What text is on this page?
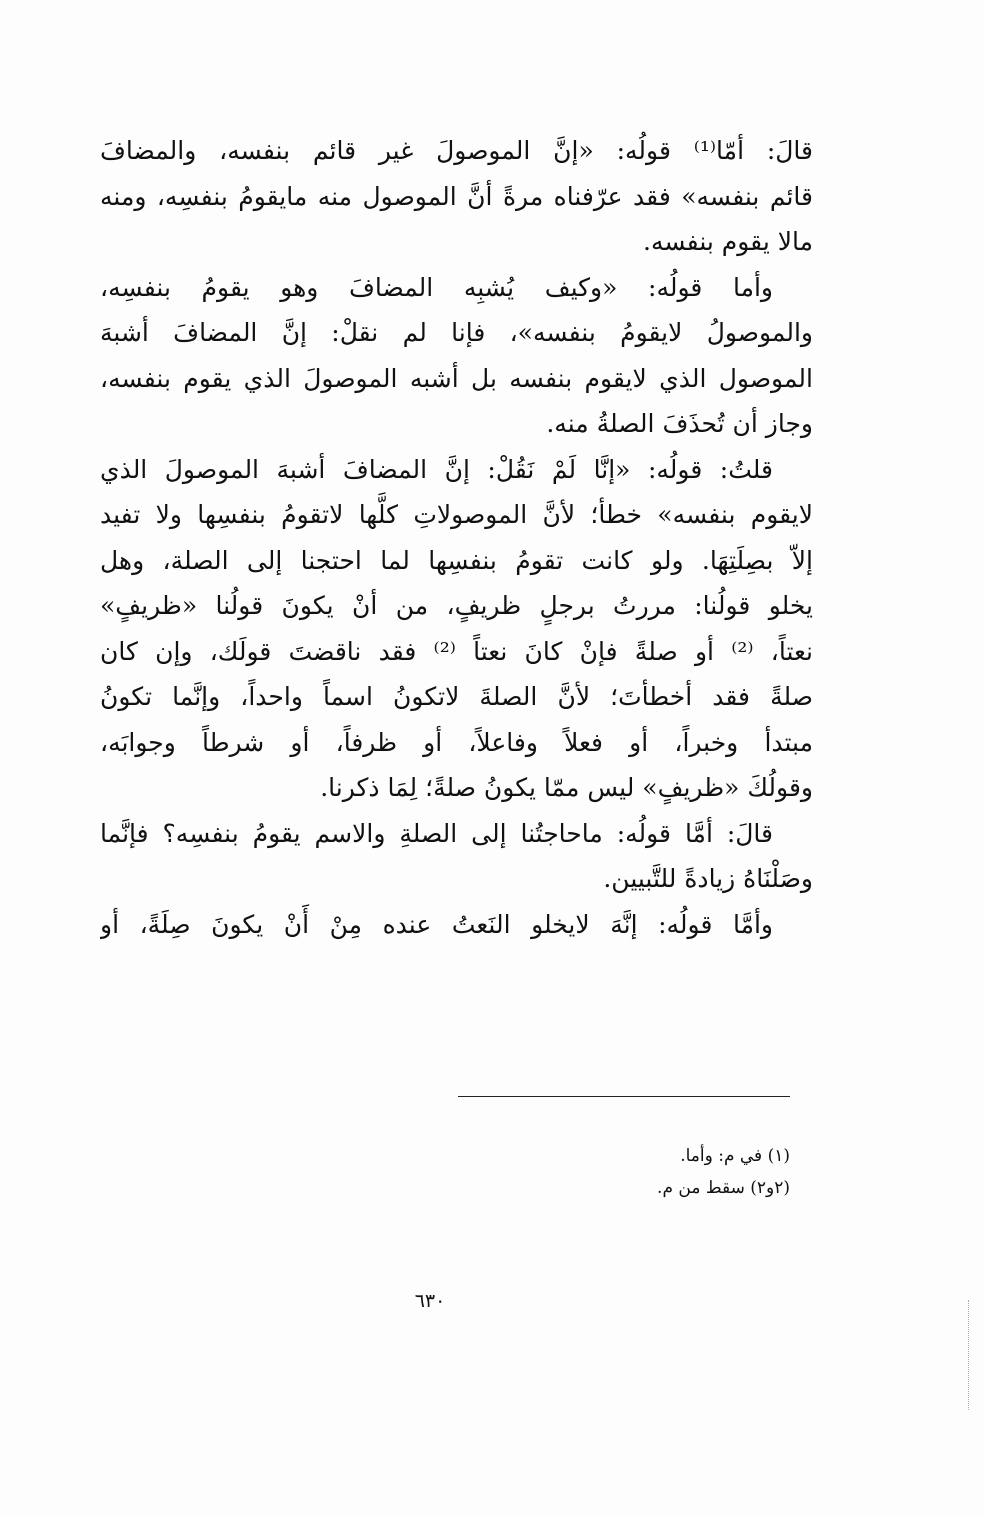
قالَ: أمّا⁽¹⁾ قولُه: «إنَّ الموصولَ غير قائم بنفسه، والمضافَ
قائم بنفسه» فقد عرّفناه مرةً أنَّ الموصول منه مايقومُ بنفسِه، ومنه
مالا يقوم بنفسه.
وأما قولُه: «وكيف يُشبِه المضافَ وهو يقومُ بنفسِه،
والموصولُ لايقومُ بنفسه»، فإنا لم نقلْ: إنَّ المضافَ أشبهَ
الموصول الذي لايقوم بنفسه بل أشبه الموصولَ الذي يقوم بنفسه،
وجاز أن تُحذَفَ الصلةُ منه.
قلتُ: قولُه: «إنَّا لَمْ نَقُلْ: إنَّ المضافَ أشبهَ الموصولَ الذي
لايقوم بنفسه» خطأ؛ لأنَّ الموصولاتِ كلَّها لاتقومُ بنفسِها ولا تفيد
إلاّ بصِلَتِهَا. ولو كانت تقومُ بنفسِها لما احتجنا إلى الصلة، وهل
يخلو قولُنا: مررتُ برجلٍ ظريفٍ، من أنْ يكونَ قولُنا «ظريفٍ»
نعتاً، ⁽²⁾ أو صلةً فإنْ كانَ نعتاً ⁽²⁾ فقد ناقضتَ قولَك، وإن كان
صلةً فقد أخطأتَ؛ لأنَّ الصلةَ لاتكونُ اسماً واحداً، وإنَّما تكونُ
مبتدأ وخبراً، أو فعلاً وفاعلاً، أو ظرفاً، أو شرطاً وجوابَه،
وقولُكَ «ظريفٍ» ليس ممّا يكونُ صلةً؛ لِمَا ذكرنا.
قالَ: أمَّا قولُه: ماحاجتُنا إلى الصلةِ والاسم يقومُ بنفسِه؟ فإنَّما
وصَلْنَاهُ زيادةً للتَّبيين.
وأمَّا قولُه: إنَّهَ لايخلو النَعتُ عنده مِنْ أَنْ يكونَ صِلَةً، أو
(١) في م: وأما.
(٢و٢) سقط من م.
٦٣٠
